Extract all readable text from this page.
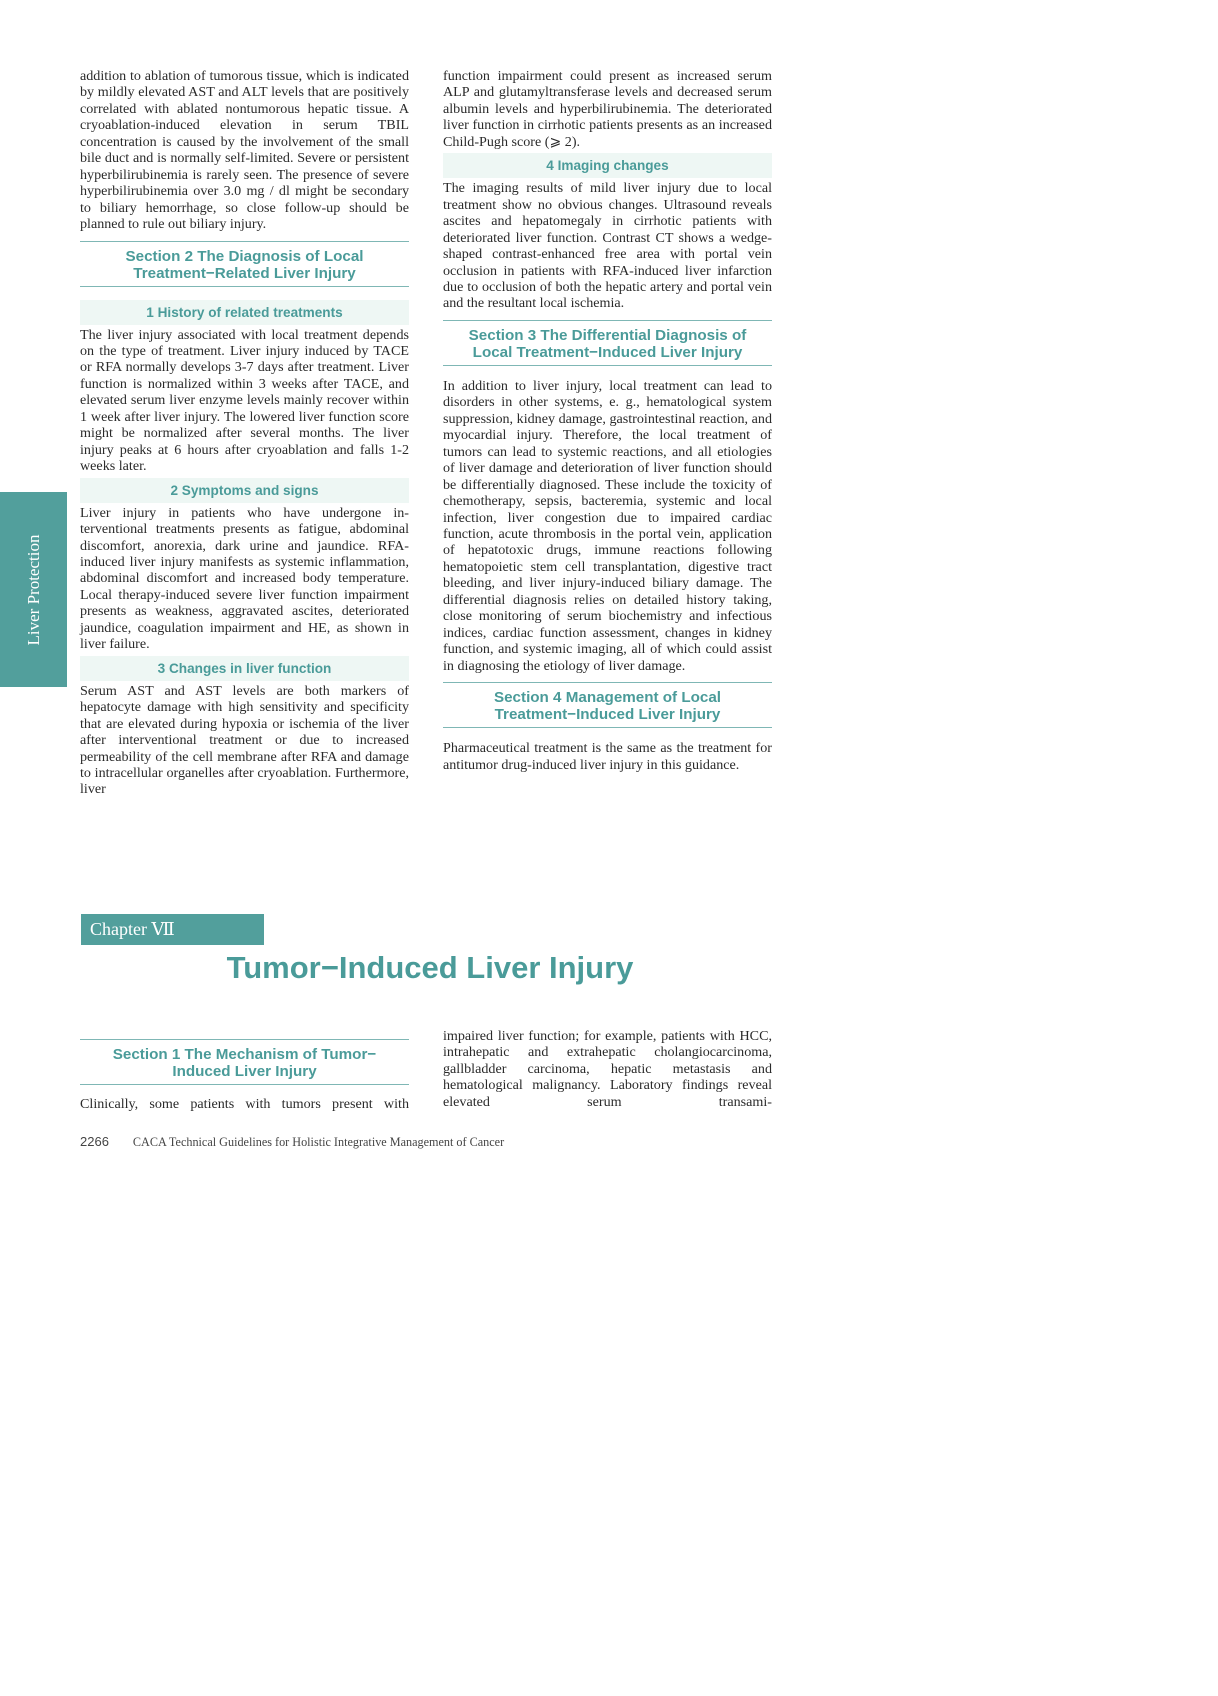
Liver Protection

addition to ablation of tumorous tissue, which is indicated by mildly elevated AST and ALT levels that are positively correlated with ablated nontumorous hepatic tissue. A cryoablation-induced elevation in serum TBIL concentration is caused by the involvement of the small bile duct and is normally self-limited. Severe or persistent hyperbilirubinemia is rarely seen. The presence of severe hyperbilirubinemia over 3.0 mg / dl might be secondary to biliary hemorrhage, so close follow-up should be planned to rule out biliary injury.

Section 2 The Diagnosis of Local
Treatment−Related Liver Injury
1 History of related treatments

The liver injury associated with local treatment depends on the type of treatment. Liver injury induced by TACE or RFA normally develops 3-7 days after treatment. Liver function is normalized within 3 weeks after TACE, and elevated serum liver enzyme levels mainly recover within 1 week after liver injury. The lowered liver function score might be normalized after several months. The liver injury peaks at 6 hours after cryoablation and falls 1-2 weeks later.

2 Symptoms and signs

Liver injury in patients who have undergone interventional treatments presents as fatigue, abdominal discomfort, anorexia, dark urine and jaundice. RFA-induced liver injury manifests as systemic inflammation, abdominal discomfort and increased body temperature. Local therapy-induced severe liver function impairment presents as weakness, aggravated ascites, deteriorated jaundice, coagulation impairment and HE, as shown in liver failure.

3 Changes in liver function

Serum AST and AST levels are both markers of hepatocyte damage with high sensitivity and specificity that are elevated during hypoxia or ischemia of the liver after interventional treatment or due to increased permeability of the cell membrane after RFA and damage to intracellular organelles after cryoablation. Furthermore, liver

function impairment could present as increased serum ALP and glutamyltransferase levels and decreased serum albumin levels and hyperbilirubinemia. The deteriorated liver function in cirrhotic patients presents as an increased Child-Pugh score (⩾ 2).

4 Imaging changes

The imaging results of mild liver injury due to local treatment show no obvious changes. Ultrasound reveals ascites and hepatomegaly in cirrhotic patients with deteriorated liver function. Contrast CT shows a wedge-shaped contrast-enhanced free area with portal vein occlusion in patients with RFA-induced liver infarction due to occlusion of both the hepatic artery and portal vein and the resultant local ischemia.

Section 3 The Differential Diagnosis of
Local Treatment−Induced Liver Injury

In addition to liver injury, local treatment can lead to disorders in other systems, e. g., hematological system suppression, kidney damage, gastrointestinal reaction, and myocardial injury. Therefore, the local treatment of tumors can lead to systemic reactions, and all etiologies of liver damage and deterioration of liver function should be differentially diagnosed. These include the toxicity of chemotherapy, sepsis, bacteremia, systemic and local infection, liver congestion due to impaired cardiac function, acute thrombosis in the portal vein, application of hepatotoxic drugs, immune reactions following hematopoietic stem cell transplantation, digestive tract bleeding, and liver injury-induced biliary damage. The differential diagnosis relies on detailed history taking, close monitoring of serum biochemistry and infectious indices, cardiac function assessment, changes in kidney function, and systemic imaging, all of which could assist in diagnosing the etiology of liver damage.

Section 4 Management of Local
Treatment−Induced Liver Injury

Pharmaceutical treatment is the same as the treatment for antitumor drug-induced liver injury in this guidance.

Chapter Ⅶ
Tumor−Induced Liver Injury
Section 1 The Mechanism of Tumor−
Induced Liver Injury

Clinically, some patients with tumors present with

impaired liver function; for example, patients with HCC, intrahepatic and extrahepatic cholangiocarcinoma, gallbladder carcinoma, hepatic metastasis and hematological malignancy. Laboratory findings reveal elevated serum transami-

2266 CACA Technical Guidelines for Holistic Integrative Management of Cancer
